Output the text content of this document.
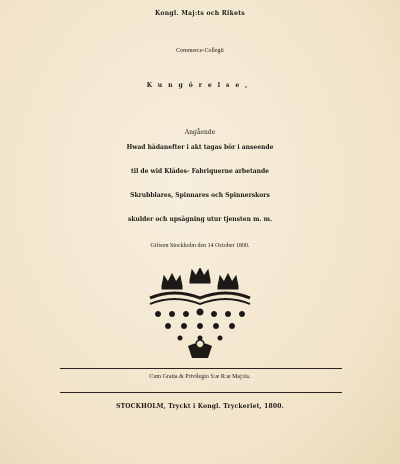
Kongl. Maj:ts och Rikets
Commerce-Collegii
Kungörelse,
Angående
Hwad hädanefter i akt tagas bör i anseende
til de wid Klädes- Fabriquerne arbetande
Skrubblares, Spinnares och Spinnerskors
skulder och upsägning utur tjensten m. m.
Gifwen Stockholm den 14 October 1800.
Cum Gratia & Privilegio S:æ R:æ Maj:tis.
STOCKHOLM, Tryckt i Kongl. Tryckeriet, 1800.
